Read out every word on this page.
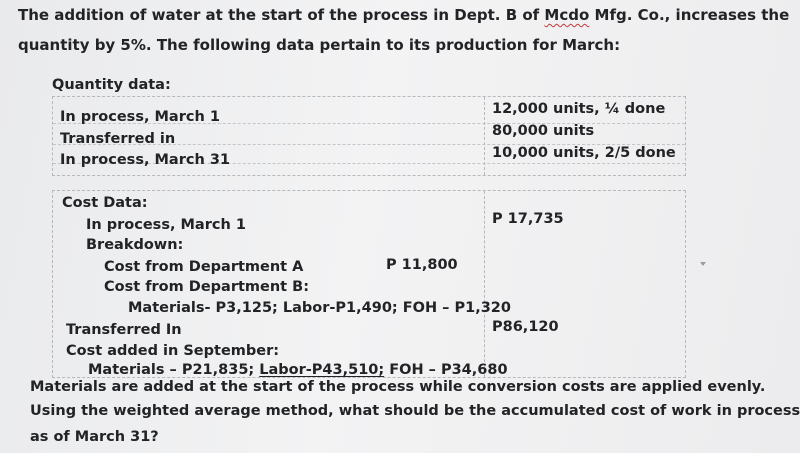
The addition of water at the start of the process in Dept. B of Mcdo Mfg. Co., increases the
quantity by 5%. The following data pertain to its production for March:
Quantity data:
In process, March 1	12,000 units, ¼ done
Transferred in	80,000 units
In process, March 31	10,000 units, 2/5 done
Cost Data:
In process, March 1	P 17,735
Breakdown:
Cost from Department A	P 11,800
Cost from Department B:
Materials- P3,125; Labor-P1,490; FOH – P1,320
Transferred In	P86,120
Cost added in September:
Materials – P21,835; Labor-P43,510; FOH – P34,680
Materials are added at the start of the process while conversion costs are applied evenly.
Using the weighted average method, what should be the accumulated cost of work in process
as of March 31?
